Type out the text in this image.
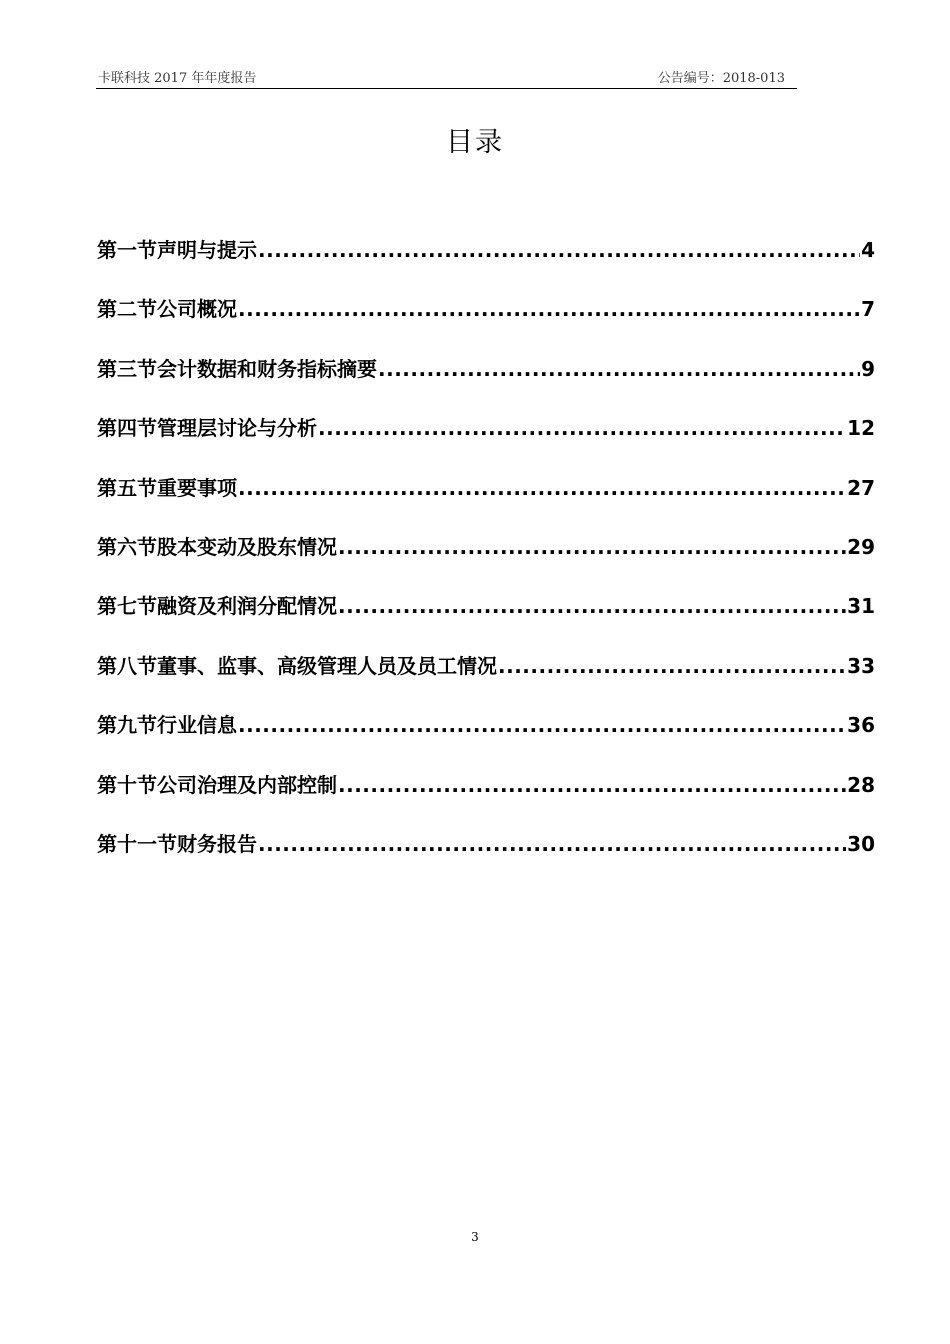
卡联科技 2017 年年度报告	公告编号：2018-013
目录
第一节声明与提示 .....	4
第二节公司概况 .....	7
第三节会计数据和财务指标摘要 .....	9
第四节管理层讨论与分析 .....	12
第五节重要事项 .....	27
第六节股本变动及股东情况 .....	29
第七节融资及利润分配情况 .....	31
第八节董事、监事、高级管理人员及员工情况 .....	33
第九节行业信息 .....	36
第十节公司治理及内部控制 .....	28
第十一节财务报告 .....	30
3
